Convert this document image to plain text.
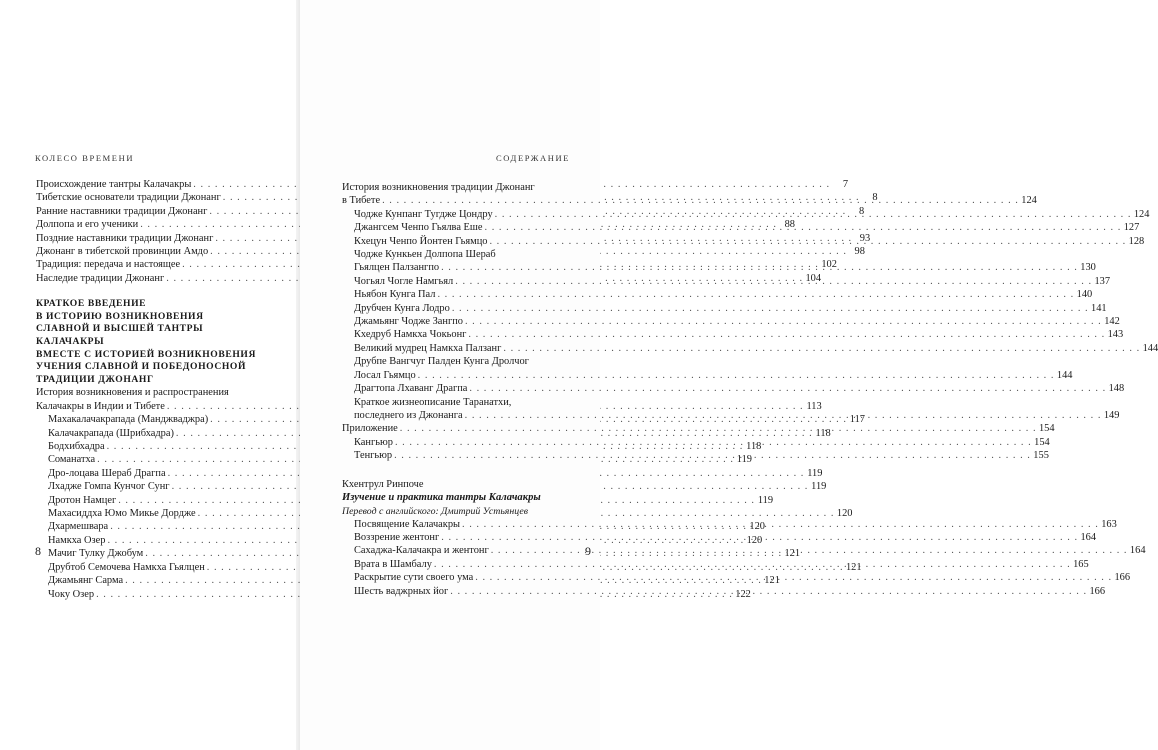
КОЛЕСО ВРЕМЕНИ
Происхождение тантры Калачакры . . .	7
Тибетские основатели традиции Джонанг . . .	8
Ранние наставники традиции Джонанг . . .	8
Долпопа и его ученики . . .	88
Поздние наставники традиции Джонанг . . .	93
Джонанг в тибетской провинции Амдо . . .	98
Традиция: передача и настоящее . . .	102
Наследие традиции Джонанг . . .	104
КРАТКОЕ ВВЕДЕНИЕ
В ИСТОРИЮ ВОЗНИКНОВЕНИЯ
СЛАВНОЙ И ВЫСШЕЙ ТАНТРЫ КАЛАЧАКРЫ
ВМЕСТЕ С ИСТОРИЕЙ ВОЗНИКНОВЕНИЯ
УЧЕНИЯ СЛАВНОЙ И ПОБЕДОНОСНОЙ
ТРАДИЦИИ ДЖОНАНГ
История возникновения и распространения
Калачакры в Индии и Тибете . . .	113
Махакалачакрапада (Манджваджра) . . .	117
Калачакрапада (Шрибхадра) . . .	118
Бодхибхадра . . .	118
Соманатха . . .	119
Дро-лоцава Шераб Драгпа . . .	119
Лхадже Гомпа Кунчог Сунг . . .	119
Дротон Намцег . . .	119
Махасиддха Юмо Микье Дордже . . .	120
Дхармешвара . . .	120
Намкха Озер . . .	120
Мачиг Тулку Джобум . . .	121
Друбтоб Семочева Намкха Гьялцен . . .	121
Джамьянг Сарма . . .	121
Чоку Озер . . .	122
8
СОДЕРЖАНИЕ
История возникновения традиции Джонанг
в Тибете . . .	124
Чодже Кунпанг Тугдже Цондру . . .	124
Джангсем Ченпо Гьялва Еше . . .	127
Кхецун Ченпо Йонтен Гьямцо . . .	128
Чодже Кункьен Долпопа Шераб
Гьялцен Палзангпо . . .	130
Чогьял Чогле Намгьял . . .	137
Ньябон Кунга Пал . . .	140
Друбчен Кунга Лодро . . .	141
Джамьянг Чодже Зангпо . . .	142
Кхедруб Намкха Чокьонг . . .	143
Великий мудрец Намкха Палзанг . . .	144
Друбпе Вангчуг Палден Кунга Дролчог
Лосал Гьямцо . . .	144
Драгтопа Лхаванг Драгпа . . .	148
Краткое жизнеописание Таранатхи,
последнего из Джонанга . . .	149
Приложение . . .	154
Кангьюр . . .	154
Тенгьюр . . .	155
Кхентрул Ринпоче
Изучение и практика тантры Калачакры
Перевод с английского: Дмитрий Устьянцев
Посвящение Калачакры . . .	163
Воззрение жентонг . . .	164
Сахаджа-Калачакра и жентонг . . .	164
Врата в Шамбалу . . .	165
Раскрытие сути своего ума . . .	166
Шесть ваджрных йог . . .	166
9
